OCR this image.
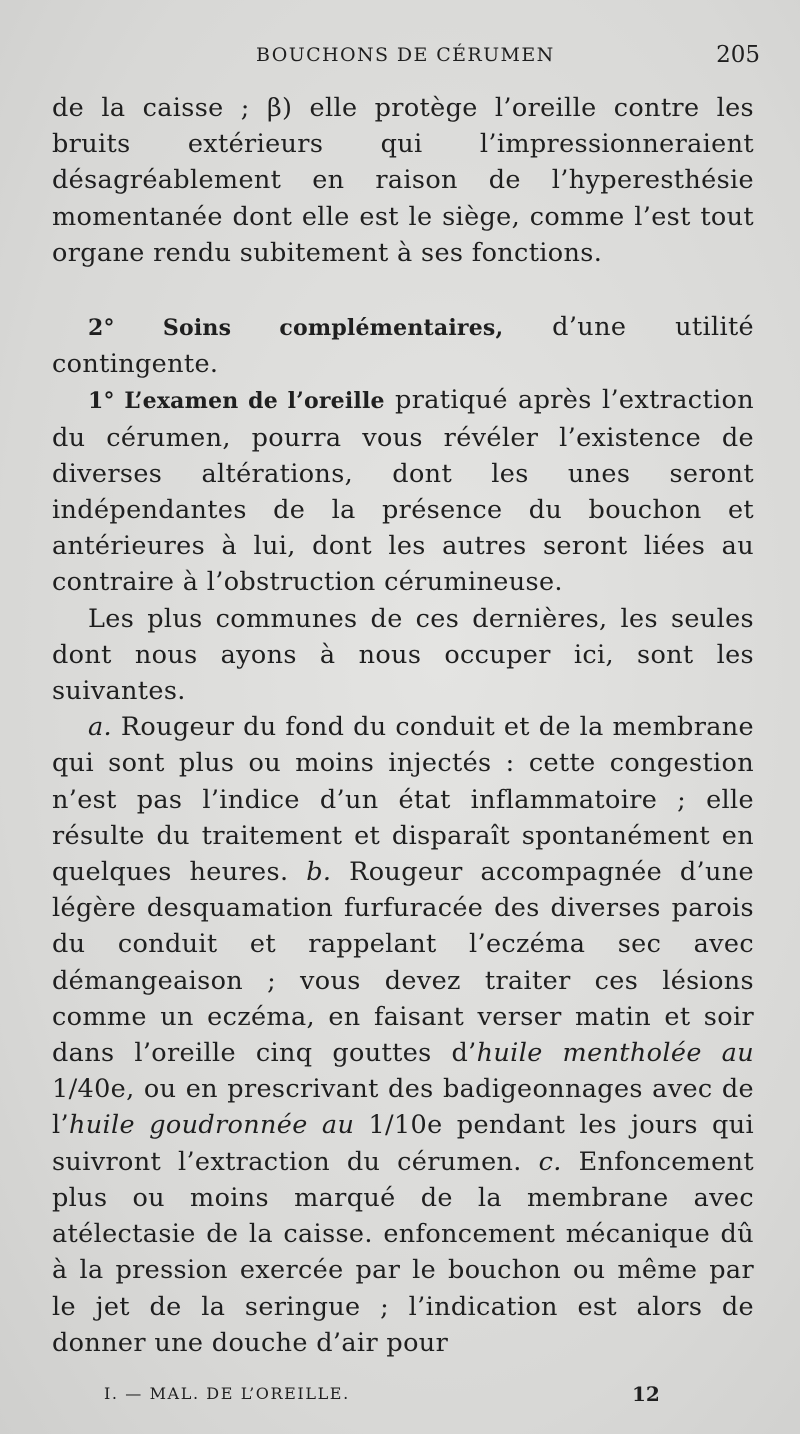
BOUCHONS DE CÉRUMEN	205

de la caisse ; β) elle protège l’oreille contre les bruits extérieurs qui l’impressionneraient désagréablement en raison de l’hyperesthésie momentanée dont elle est le siège, comme l’est tout organe rendu subitement à ses fonctions.

2° Soins complémentaires, d’une utilité contingente.

1° L’examen de l’oreille pratiqué après l’extraction du cérumen, pourra vous révéler l’existence de diverses altérations, dont les unes seront indépendantes de la présence du bouchon et antérieures à lui, dont les autres seront liées au contraire à l’obstruction cérumineuse.

Les plus communes de ces dernières, les seules dont nous ayons à nous occuper ici, sont les suivantes.

a. Rougeur du fond du conduit et de la membrane qui sont plus ou moins injectés : cette congestion n’est pas l’indice d’un état inflammatoire ; elle résulte du traitement et disparaît spontanément en quelques heures. b. Rougeur accompagnée d’une légère desquamation furfuracée des diverses parois du conduit et rappelant l’eczéma sec avec démangeaison ; vous devez traiter ces lésions comme un eczéma, en faisant verser matin et soir dans l’oreille cinq gouttes d’huile mentholée au 1/40e, ou en prescrivant des badigeonnages avec de l’huile goudronnée au 1/10e pendant les jours qui suivront l’extraction du cérumen. c. Enfoncement plus ou moins marqué de la membrane avec atélectasie de la caisse. enfoncement mécanique dû à la pression exercée par le bouchon ou même par le jet de la seringue ; l’indication est alors de donner une douche d’air pour

I. — MAL. DE L’OREILLE.	12
